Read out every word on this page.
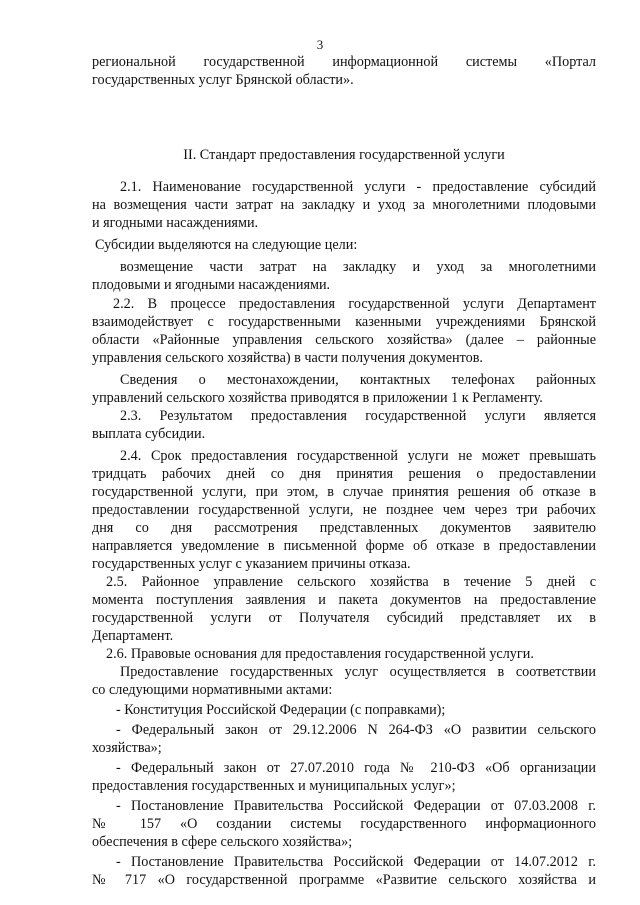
3
региональной государственной информационной системы «Портал
государственных услуг Брянской области».
II. Стандарт предоставления государственной услуги
2.1. Наименование государственной услуги - предоставление субсидий
на возмещения части затрат на закладку и уход за многолетними плодовыми
и ягодными насаждениями.
Субсидии выделяются на следующие цели:
возмещение части затрат на закладку и уход за многолетними
плодовыми и ягодными насаждениями.
2.2. В процессе предоставления государственной услуги Департамент
взаимодействует с государственными казенными учреждениями Брянской
области «Районные управления сельского хозяйства» (далее – районные
управления сельского хозяйства) в части получения документов.
Сведения о местонахождении, контактных телефонах районных
управлений сельского хозяйства приводятся в приложении 1 к Регламенту.
2.3. Результатом предоставления государственной услуги является
выплата субсидии.
2.4. Срок предоставления государственной услуги не может превышать
тридцать рабочих дней со дня принятия решения о предоставлении
государственной услуги, при этом, в случае принятия решения об отказе в
предоставлении государственной услуги, не позднее чем через три рабочих
дня со дня рассмотрения представленных документов заявителю
направляется уведомление в письменной форме об отказе в предоставлении
государственных услуг с указанием причины отказа.
2.5. Районное управление сельского хозяйства в течение 5 дней с
момента поступления заявления и пакета документов на предоставление
государственной услуги от Получателя субсидий представляет их в
Департамент.
2.6. Правовые основания для предоставления государственной услуги.
Предоставление государственных услуг осуществляется в соответствии
со следующими нормативными актами:
- Конституция Российской Федерации (с поправками);
- Федеральный закон от 29.12.2006 N 264-ФЗ «О развитии сельского
хозяйства»;
- Федеральный закон от 27.07.2010 года № 210-ФЗ «Об организации
предоставления государственных и муниципальных услуг»;
- Постановление Правительства Российской Федерации от 07.03.2008 г.
№ 157 «О создании системы государственного информационного
обеспечения в сфере сельского хозяйства»;
- Постановление Правительства Российской Федерации от 14.07.2012 г.
№ 717 «О государственной программе «Развитие сельского хозяйства и
